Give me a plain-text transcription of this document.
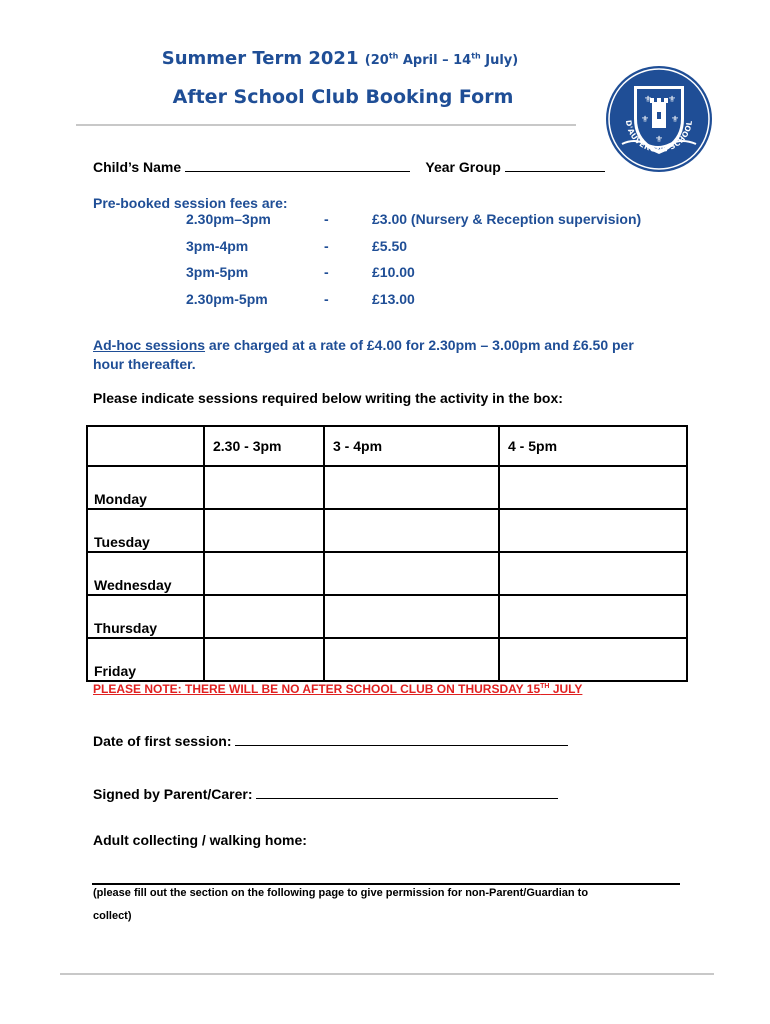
Summer Term 2021 (20th April – 14th July)
After School Club Booking Form	⚜ ⚜
⚜ ⚜
⚜
D'AUVERGNE SCHOOL
Child’s Name	Year Group
Pre-booked session fees are:
2.30pm–3pm	-	£3.00 (Nursery & Reception supervision)
3pm-4pm	-	£5.50
3pm-5pm	-	£10.00
2.30pm-5pm	-	£13.00
Ad-hoc sessions are charged at a rate of £4.00 for 2.30pm – 3.00pm and £6.50 per
hour thereafter.
Please indicate sessions required below writing the activity in the box:
	2.30 - 3pm	3 - 4pm	4 - 5pm
Monday			
Tuesday			
Wednesday			
Thursday			
Friday			
PLEASE NOTE: THERE WILL BE NO AFTER SCHOOL CLUB ON THURSDAY 15TH JULY
Date of first session:
Signed by Parent/Carer:
Adult collecting / walking home:
(please fill out the section on the following page to give permission for non-Parent/Guardian to
collect)
